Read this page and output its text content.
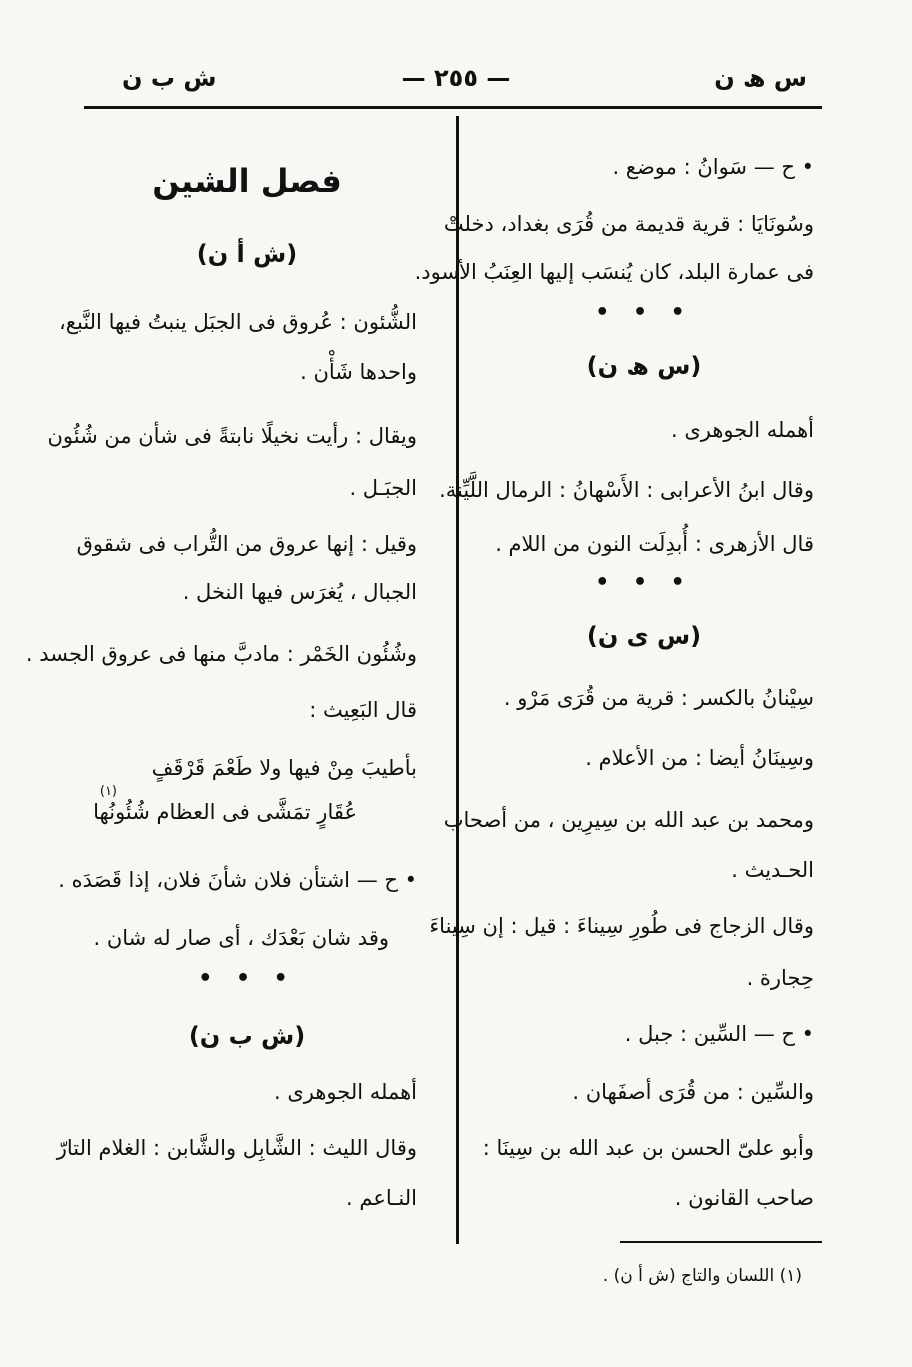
س ھ ن
— ٢٥٥ —
ش ب ن
• ح — سَوانُ : موضع .
وسُونَايَا : قرية قديمة من قُرَى بغداد، دخلتْ
فى عمارة البلد، كان يُنسَب إليها العِنَبُ الأسود.
• • •
(س ھ ن)
أهمله الجوهرى .
وقال ابنُ الأعرابى : الأَسْهانُ : الرمال اللَّيِّنة.
قال الأزهرى : أُبدِلَت النون من اللام .
• • •
(س ى ن)
سِيْنانُ بالكسر : قرية من قُرَى مَرْو .
وسِينَانُ أيضا : من الأعلام .
ومحمد بن عبد الله بن سِيرِين ، من أصحاب
الحـديث .
وقال الزجاج فى طُورِ سِيناءَ : قيل : إن سِيناءَ
حِجارة .
• ح — السِّين : جبل .
والسِّين : من قُرَى أصفَهان .
وأبو علىّ الحسن بن عبد الله بن سِينَا :
صاحب القانون .
فصل الشين
(ش أ ن)
الشُّئون : عُروق فى الجبَل ينبتُ فيها النَّبع،
واحدها شَأْن .
ويقال : رأيت نخيلًا نابتةً فى شأن من شُئُون
الجبَـل .
وقيل : إنها عروق من التُّراب فى شقوق
الجبال ، يُغرَس فيها النخل .
وشُئُون الخَمْر : مادبَّ منها فى عروق الجسد .
قال البَعِيث :
بأطيبَ مِنْ فيها ولا طَعْمَ قَرْقَفٍ
عُقَارٍ تمَشَّى فى العظام شُئُونُها
(١)
• ح — اشتأن فلان شأنَ فلان، إذا قَصَدَه .
وقد شان بَعْدَك ، أى صار له شان .
• • •
(ش ب ن)
أهمله الجوهرى .
وقال الليث : الشَّابِل والشَّابن : الغلام التارّ
النـاعم .
(١) اللسان والتاج (ش أ ن) .
